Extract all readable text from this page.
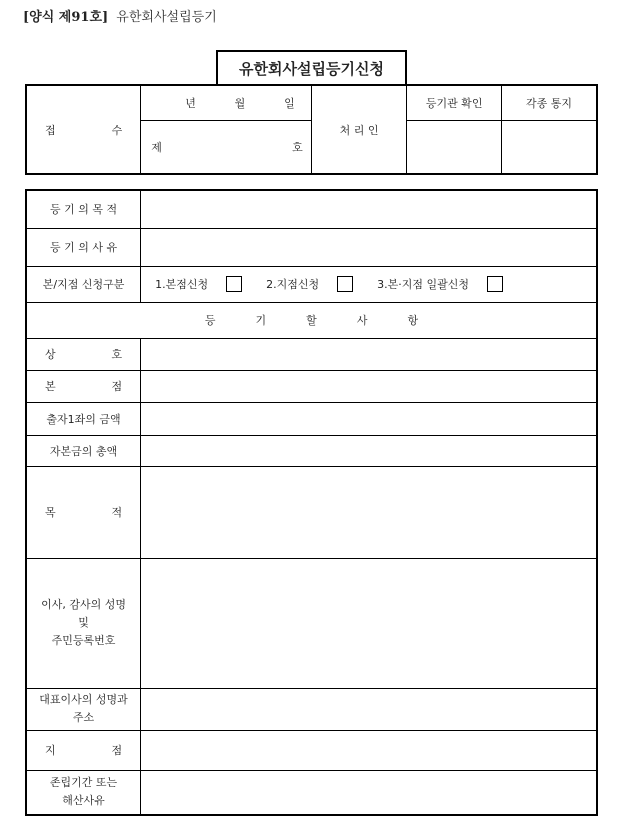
[양식 제91호] 유한회사설립등기
유한회사설립등기신청
접 수	년 월 일	처 리 인	등기관 확인	각종 통지

	제 호			

등 기 의 목 적	
등 기 의 사 유	
본/지점 신청구분	1.본점신청 2.지점신청 3.본·지점 일괄신청

등 기 할 사 항	

상 호	

본 점	

출자1좌의 금액	
자본금의 총액	

목 적	

이사, 감사의 성명
및
주민등록번호	

대표이사의 성명과
주소	

지 점	

존립기간 또는
해산사유	
